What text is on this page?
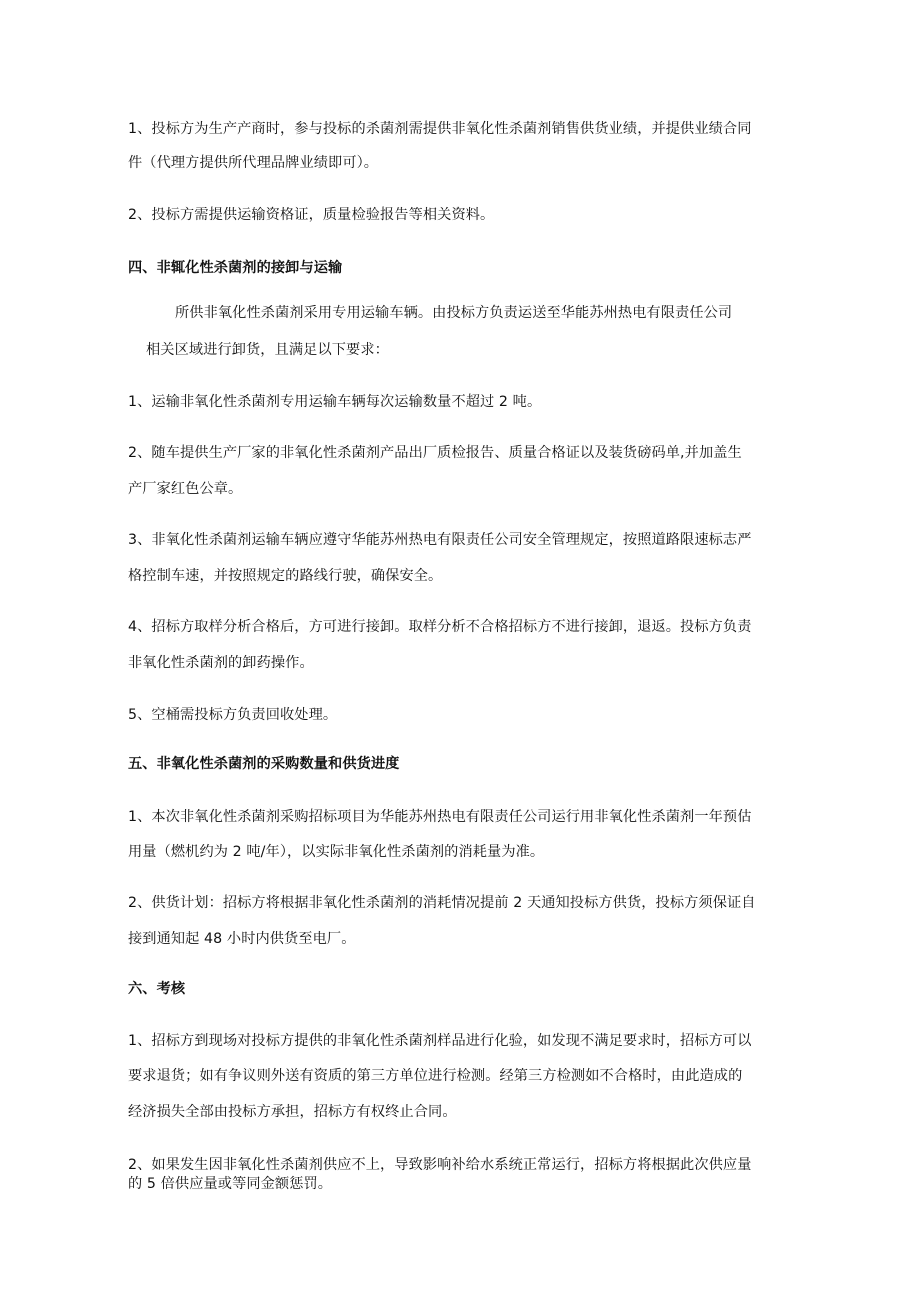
1、投标方为生产产商时，参与投标的杀菌剂需提供非氧化性杀菌剂销售供货业绩，并提供业绩合同
件（代理方提供所代理品牌业绩即可）。
2、投标方需提供运输资格证，质量检验报告等相关资料。
四、非辄化性杀菌剂的接卸与运输
所供非氧化性杀菌剂采用专用运输车辆。由投标方负责运送至华能苏州热电有限责任公司
相关区域进行卸货，且满足以下要求：
1、运输非氧化性杀菌剂专用运输车辆每次运输数量不超过 2 吨。
2、随车提供生产厂家的非氧化性杀菌剂产品出厂质检报告、质量合格证以及装货磅码单,并加盖生
产厂家红色公章。
3、非氧化性杀菌剂运输车辆应遵守华能苏州热电有限责任公司安全管理规定，按照道路限速标志严
格控制车速，并按照规定的路线行驶，确保安全。
4、招标方取样分析合格后，方可进行接卸。取样分析不合格招标方不进行接卸，退返。投标方负责
非氧化性杀菌剂的卸药操作。
5、空桶需投标方负责回收处理。
五、非氧化性杀菌剂的采购数量和供货进度
1、本次非氧化性杀菌剂采购招标项目为华能苏州热电有限责任公司运行用非氧化性杀菌剂一年预估
用量（燃机约为 2 吨/年），以实际非氧化性杀菌剂的消耗量为准。
2、供货计划：招标方将根据非氧化性杀菌剂的消耗情况提前 2 天通知投标方供货，投标方须保证自
接到通知起 48 小时内供货至电厂。
六、考核
1、招标方到现场对投标方提供的非氧化性杀菌剂样品进行化验，如发现不满足要求时，招标方可以
要求退货；如有争议则外送有资质的第三方单位进行检测。经第三方检测如不合格时，由此造成的
经济损失全部由投标方承担，招标方有权终止合同。
2、如果发生因非氧化性杀菌剂供应不上，导致影响补给水系统正常运行，招标方将根据此次供应量
的 5 倍供应量或等同金额惩罚。
